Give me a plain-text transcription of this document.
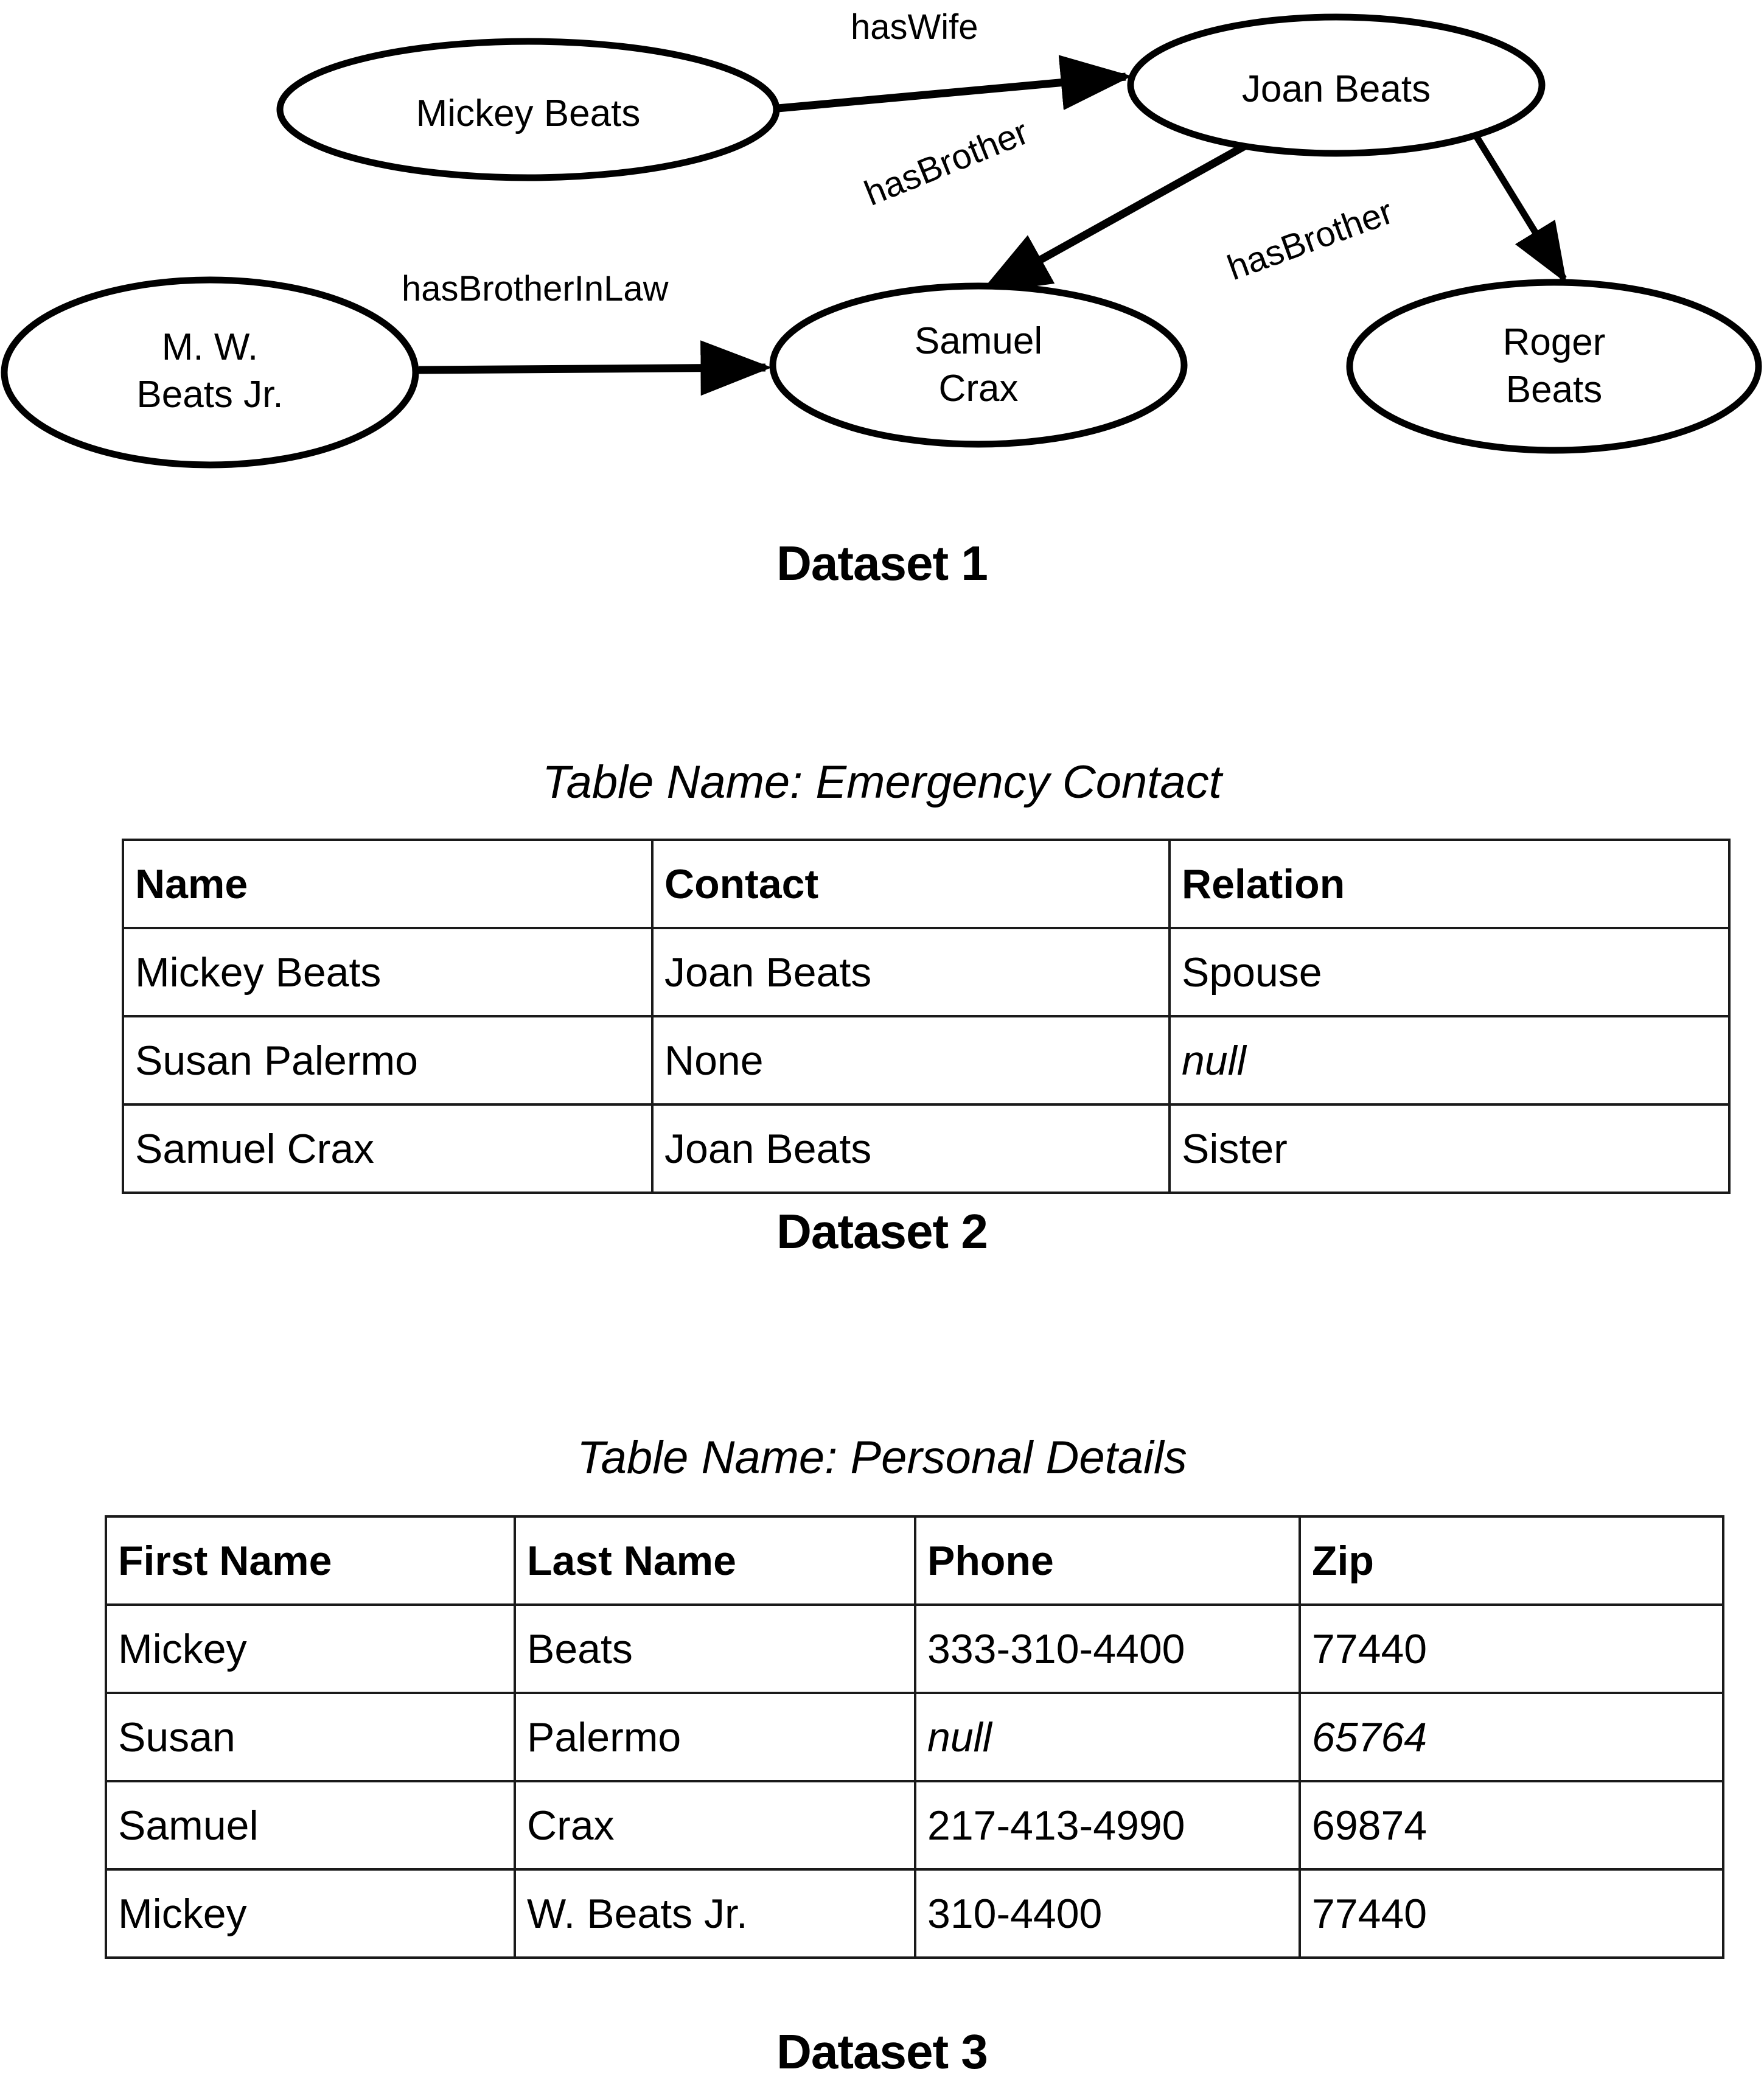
Mickey Beats
Joan Beats
M. W.
Beats Jr.
Samuel
Crax
Roger
Beats
hasWife
hasBrother
hasBrother
hasBrotherInLaw
Dataset 1
Table Name: Emergency Contact
Name	Contact	Relation
Mickey Beats	Joan Beats	Spouse
Susan Palermo	None	null
Samuel Crax	Joan Beats	Sister
Dataset 2
Table Name: Personal Details
First Name	Last Name	Phone	Zip
Mickey	Beats	333-310-4400	77440
Susan	Palermo	null	65764
Samuel	Crax	217-413-4990	69874
Mickey	W. Beats Jr.	310-4400	77440
Dataset 3
